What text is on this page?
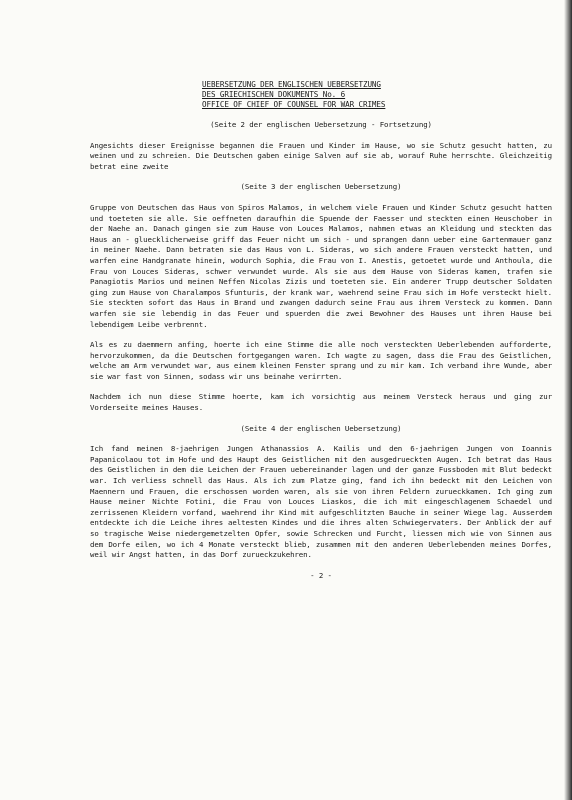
UEBERSETZUNG DER ENGLISCHEN UEBERSETZUNG
DES GRIECHISCHEN DOKUMENTS No. 6
OFFICE OF CHIEF OF COUNSEL FOR WAR CRIMES
(Seite 2 der englischen Uebersetzung - Fortsetzung)

Angesichts dieser Ereignisse begannen die Frauen und Kinder im Hause, wo sie Schutz gesucht hatten, zu weinen und zu schreien. Die Deutschen gaben einige Salven auf sie ab, worauf Ruhe herrschte. Gleichzeitig betrat eine zweite

(Seite 3 der englischen Uebersetzung)

Gruppe von Deutschen das Haus von Spiros Malamos, in welchem viele Frauen und Kinder Schutz gesucht hatten und toeteten sie alle. Sie oeffneten daraufhin die Spuende der Faesser und steckten einen Heuschober in der Naehe an. Danach gingen sie zum Hause von Louces Malamos, nahmen etwas an Kleidung und steckten das Haus an - gluecklicherweise griff das Feuer nicht um sich - und sprangen dann ueber eine Gartenmauer ganz in meiner Naehe. Dann betraten sie das Haus von L. Sideras, wo sich andere Frauen versteckt hatten, und warfen eine Handgranate hinein, wodurch Sophia, die Frau von I. Anestis, getoetet wurde und Anthoula, die Frau von Louces Sideras, schwer verwundet wurde. Als sie aus dem Hause von Sideras kamen, trafen sie Panagiotis Marios und meinen Neffen Nicolas Zizis und toeteten sie. Ein anderer Trupp deutscher Soldaten ging zum Hause von Charalampos Sfunturis, der krank war, waehrend seine Frau sich im Hofe versteckt hielt. Sie steckten sofort das Haus in Brand und zwangen dadurch seine Frau aus ihrem Versteck zu kommen. Dann warfen sie sie lebendig in das Feuer und spuerden die zwei Bewohner des Hauses unt ihren Hause bei lebendigem Leibe verbrennt.

Als es zu daemmern anfing, hoerte ich eine Stimme die alle noch versteckten Ueberlebenden aufforderte, hervorzukommen, da die Deutschen fortgegangen waren. Ich wagte zu sagen, dass die Frau des Geistlichen, welche am Arm verwundet war, aus einem kleinen Fenster sprang und zu mir kam. Ich verband ihre Wunde, aber sie war fast von Sinnen, sodass wir uns beinahe verirrten.

Nachdem ich nun diese Stimme hoerte, kam ich vorsichtig aus meinem Versteck heraus und ging zur Vorderseite meines Hauses.

(Seite 4 der englischen Uebersetzung)

Ich fand meinen 8-jaehrigen Jungen Athanassios A. Kailis und den 6-jaehrigen Jungen von Ioannis Papanicolaou tot im Hofe und des Haupt des Geistlichen mit den ausgedrueckten Augen. Ich betrat das Haus des Geistlichen in dem die Leichen der Frauen uebereinander lagen und der ganze Fussboden mit Blut bedeckt war. Ich verliess schnell das Haus. Als ich zum Platze ging, fand ich ihn bedeckt mit den Leichen von Maennern und Frauen, die erschossen worden waren, als sie von ihren Feldern zurueckkamen. Ich ging zum Hause meiner Nichte Fotini, die Frau von Louces Liaskos, die ich mit eingeschlagenem Schaedel und zerrissenen Kleidern vorfand, waehrend ihr Kind mit aufgeschlitzten Bauche in seiner Wiege lag. Ausserdem entdeckte ich die Leiche ihres aeltesten Kindes und die ihres alten Schwiegervaters. Der Anblick der auf so tragische Weise niedergemetzelten Opfer, sowie Schrecken und Furcht, liessen mich wie von Sinnen aus dem Dorfe eilen, wo ich 4 Monate versteckt blieb, zusammen mit den anderen Ueberlebenden meines Dorfes, weil wir Angst hatten, in das Dorf zurueckzukehren.

- 2 -
